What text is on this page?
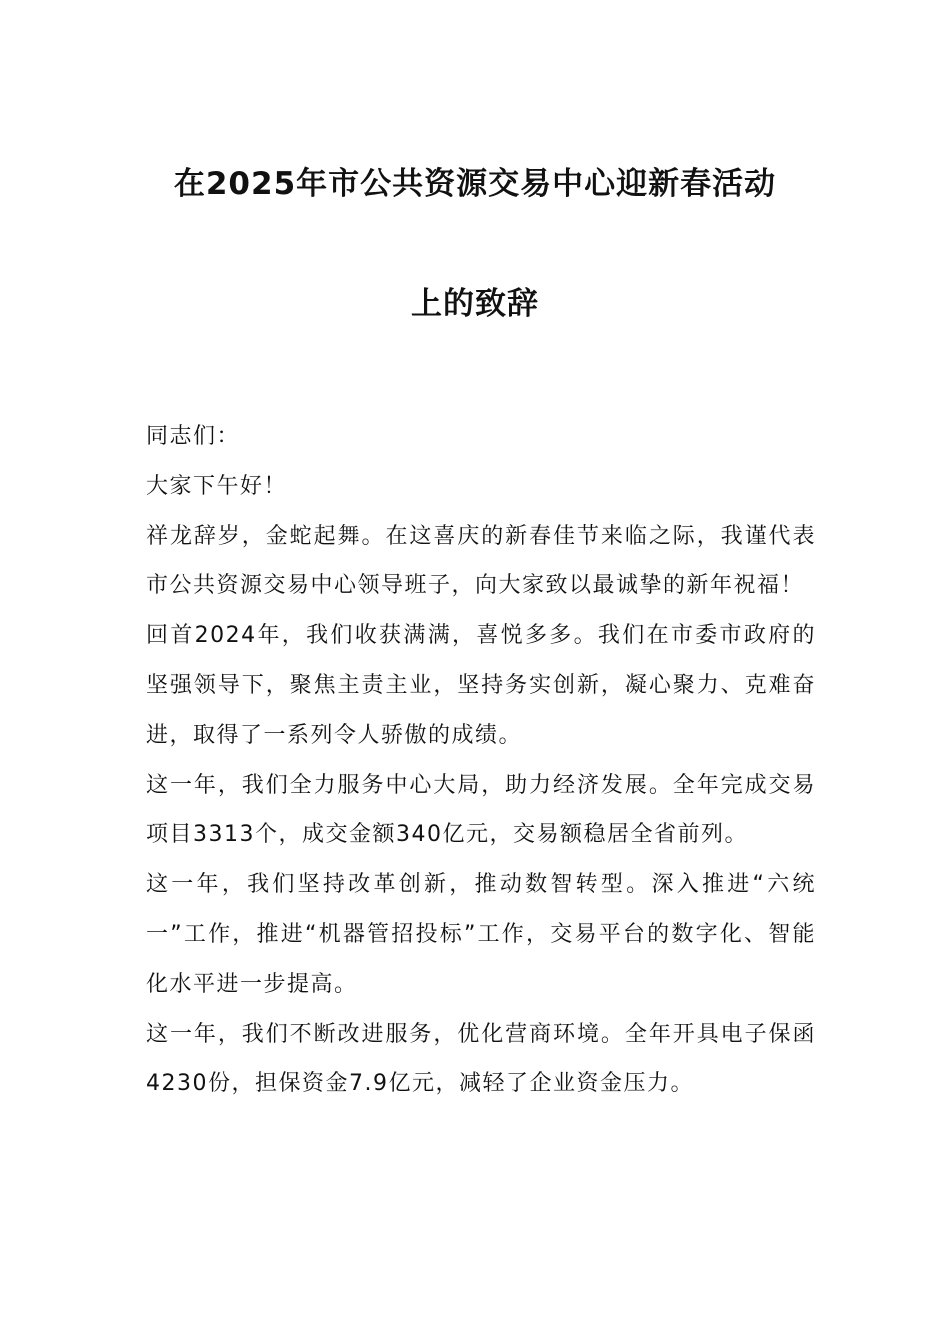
在2025年市公共资源交易中心迎新春活动
上的致辞

同志们：

大家下午好！

祥龙辞岁，金蛇起舞。在这喜庆的新春佳节来临之际，我谨代表市公共资源交易中心领导班子，向大家致以最诚挚的新年祝福！

回首2024年，我们收获满满，喜悦多多。我们在市委市政府的坚强领导下，聚焦主责主业，坚持务实创新，凝心聚力、克难奋进，取得了一系列令人骄傲的成绩。

这一年，我们全力服务中心大局，助力经济发展。全年完成交易项目3313个，成交金额340亿元，交易额稳居全省前列。

这一年，我们坚持改革创新，推动数智转型。深入推进“六统一”工作，推进“机器管招投标”工作，交易平台的数字化、智能化水平进一步提高。

这一年，我们不断改进服务，优化营商环境。全年开具电子保函4230份，担保资金7.9亿元，减轻了企业资金压力。
